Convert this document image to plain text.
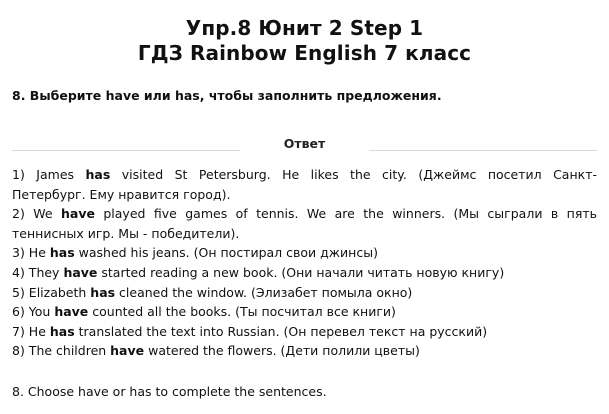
Упр.8 Юнит 2 Step 1
ГДЗ Rainbow English 7 класс
8. Выберите have или has, чтобы заполнить предложения.
Ответ
1) James has visited St Petersburg. He likes the city. (Джеймс посетил Санкт-
Петербург. Ему нравится город).
2) We have played five games of tennis. We are the winners. (Мы сыграли в пять
теннисных игр. Мы - победители).
3) He has washed his jeans. (Он постирал свои джинсы)
4) They have started reading a new book. (Они начали читать новую книгу)
5) Elizabeth has cleaned the window. (Элизабет помыла окно)
6) You have counted all the books. (Ты посчитал все книги)
7) He has translated the text into Russian. (Он перевел текст на русский)
8) The children have watered the flowers. (Дети полили цветы)
8. Choose have or has to complete the sentences.
